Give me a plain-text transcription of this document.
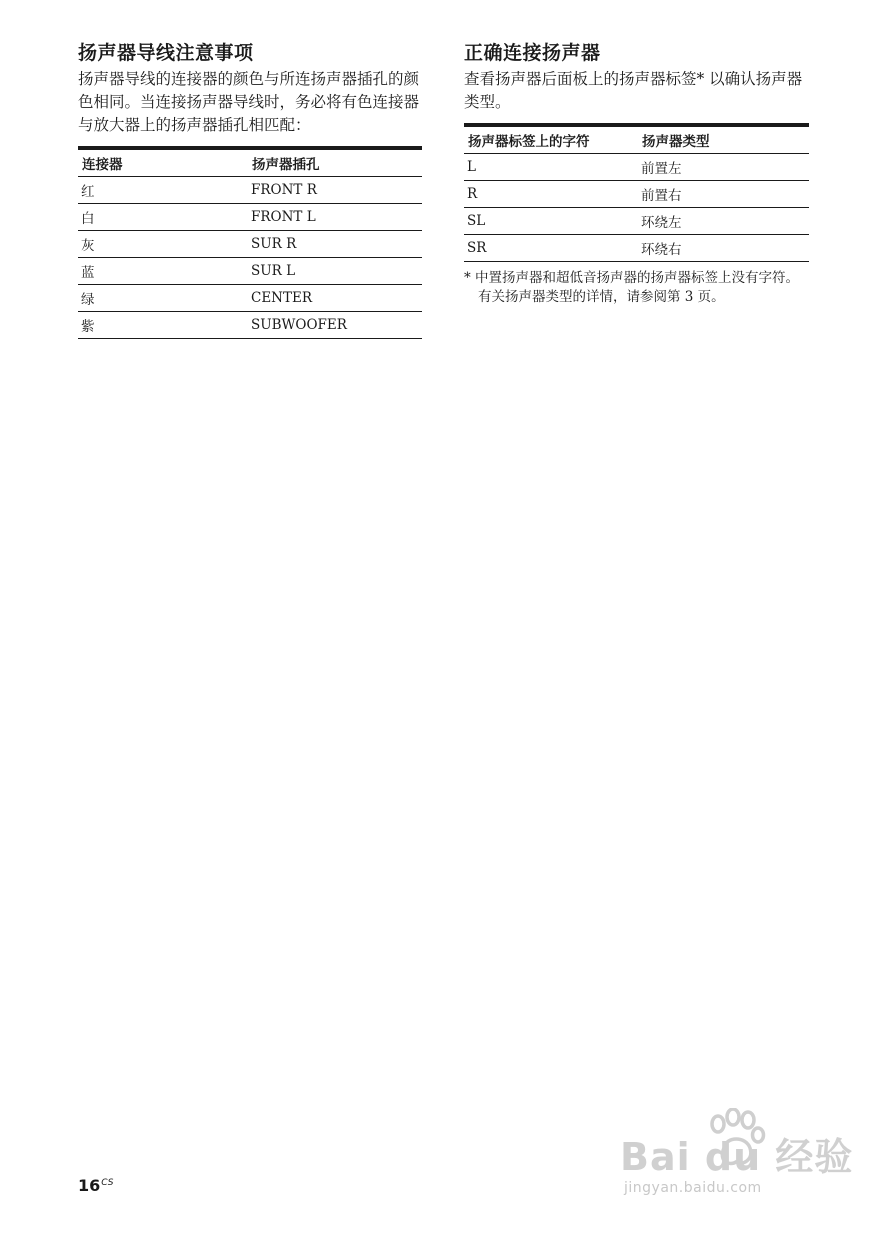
扬声器导线注意事项

扬声器导线的连接器的颜色与所连扬声器插孔的颜色相同。当连接扬声器导线时，务必将有色连接器与放大器上的扬声器插孔相匹配：

连接器	扬声器插孔
红	FRONT R
白	FRONT L
灰	SUR R
蓝	SUR L
绿	CENTER
紫	SUBWOOFER
正确连接扬声器

查看扬声器后面板上的扬声器标签* 以确认扬声器类型。

扬声器标签上的字符	扬声器类型
L	前置左
R	前置右
SL	环绕左
SR	环绕右

* 中置扬声器和超低音扬声器的扬声器标签上没有字符。有关扬声器类型的详情，请参阅第 3 页。

$16^{CS}$
Bai du 经验
jingyan.baidu.com
